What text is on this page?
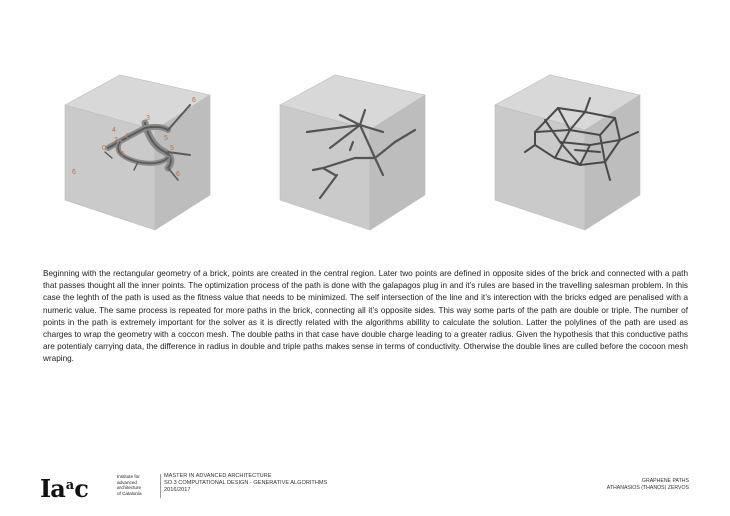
0
1
2
2
3
4
5
5
6
6
6

Beginning with the rectangular geometry of a brick, points are created in the central region. Later two points are defined in opposite sides of the brick and connected with a path that passes thought all the inner points. The optimization process of the path is done with the galapagos plug in and it’s rules are based in the travelling salesman problem. In this case the leghth of the path is used as the fitness value that needs to be minimized. The self intersection of the line and it’s interection with the bricks edged are penalised with a numeric value. The same process is repeated for more paths in the brick, connecting all it’s opposite sides. This way some parts of the path are double or triple. The number of points in the path is extremely important for the solver as it is directly related with the algorithms abillity to calculate the solution. Latter the polylines of the path are used as charges to wrap the geometry with a coccon mesh. The double paths in that case have double charge leading to a greater radius. Given the hypothesis that this conductive paths are potentialy carrying data, the difference in radius in double and triple paths makes sense in terms of conductivity. Otherwise the double lines are culled before the cocoon mesh wraping.

Ia$^a$c	Institute for
advanced
architecture
of Catalonia
MASTER IN ADVANCED ARCHITECTURE
SO.3 COMPUTATIONAL DESIGN - GENERATIVE ALGORITHMS
2016/2017
GRAPHENE PATHS
ATHANASIOS (THANOS) ZERVOS
